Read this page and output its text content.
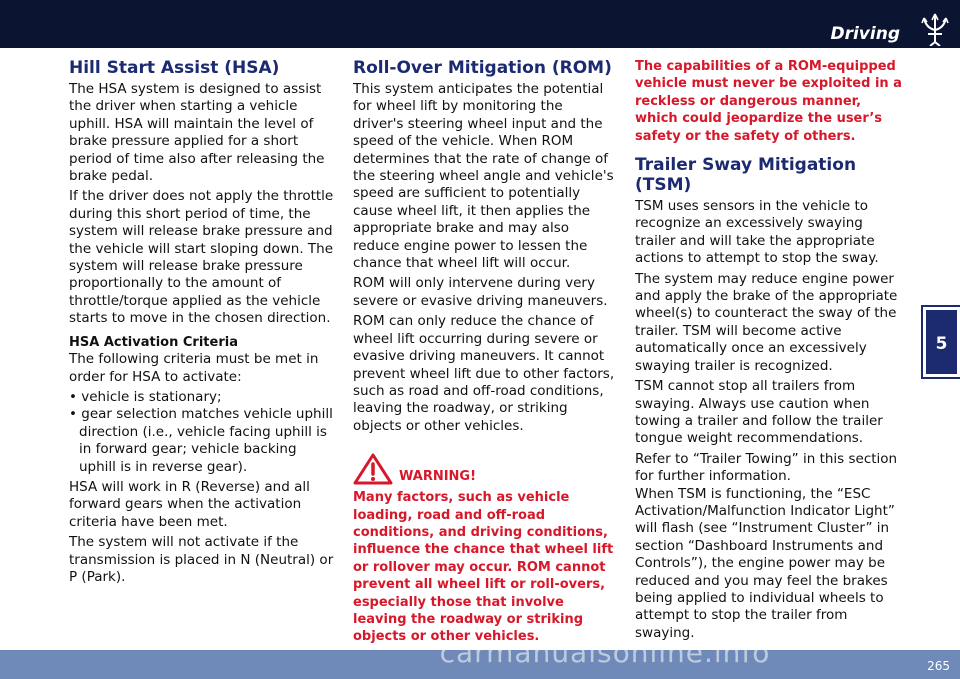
Driving
5
Hill Start Assist (HSA)

The HSA system is designed to assist the driver when starting a vehicle uphill. HSA will maintain the level of brake pressure applied for a short period of time also after releasing the brake pedal.

If the driver does not apply the throttle during this short period of time, the system will release brake pressure and the vehicle will start sloping down. The system will release brake pressure proportionally to the amount of throttle/torque applied as the vehicle starts to move in the chosen direction.

HSA Activation Criteria

The following criteria must be met in order for HSA to activate:

• vehicle is stationary;
• gear selection matches vehicle uphill direction (i.e., vehicle facing uphill is in forward gear; vehicle backing uphill is in reverse gear).

HSA will work in R (Reverse) and all forward gears when the activation criteria have been met.

The system will not activate if the transmission is placed in N (Neutral) or P (Park).

Roll-Over Mitigation (ROM)

This system anticipates the potential for wheel lift by monitoring the driver's steering wheel input and the speed of the vehicle. When ROM determines that the rate of change of the steering wheel angle and vehicle's speed are sufficient to potentially cause wheel lift, it then applies the appropriate brake and may also reduce engine power to lessen the chance that wheel lift will occur.

ROM will only intervene during very severe or evasive driving maneuvers.

ROM can only reduce the chance of wheel lift occurring during severe or evasive driving maneuvers. It cannot prevent wheel lift due to other factors, such as road and off-road conditions, leaving the roadway, or striking objects or other vehicles.

WARNING!
Many factors, such as vehicle loading, road and off-road conditions, and driving conditions, influence the chance that wheel lift or rollover may occur. ROM cannot prevent all wheel lift or roll-overs, especially those that involve leaving the roadway or striking objects or other vehicles.
The capabilities of a ROM-equipped vehicle must never be exploited in a reckless or dangerous manner, which could jeopardize the user’s safety or the safety of others.
Trailer Sway Mitigation (TSM)

TSM uses sensors in the vehicle to recognize an excessively swaying trailer and will take the appropriate actions to attempt to stop the sway.

The system may reduce engine power and apply the brake of the appropriate wheel(s) to counteract the sway of the trailer. TSM will become active automatically once an excessively swaying trailer is recognized.

TSM cannot stop all trailers from swaying. Always use caution when towing a trailer and follow the trailer tongue weight recommendations.

Refer to “Trailer Towing” in this section for further information.

When TSM is functioning, the “ESC Activation/Malfunction Indicator Light” will flash (see “Instrument Cluster” in section “Dashboard Instruments and Controls”), the engine power may be reduced and you may feel the brakes being applied to individual wheels to attempt to stop the trailer from swaying.

265
carmanualsonline.info
